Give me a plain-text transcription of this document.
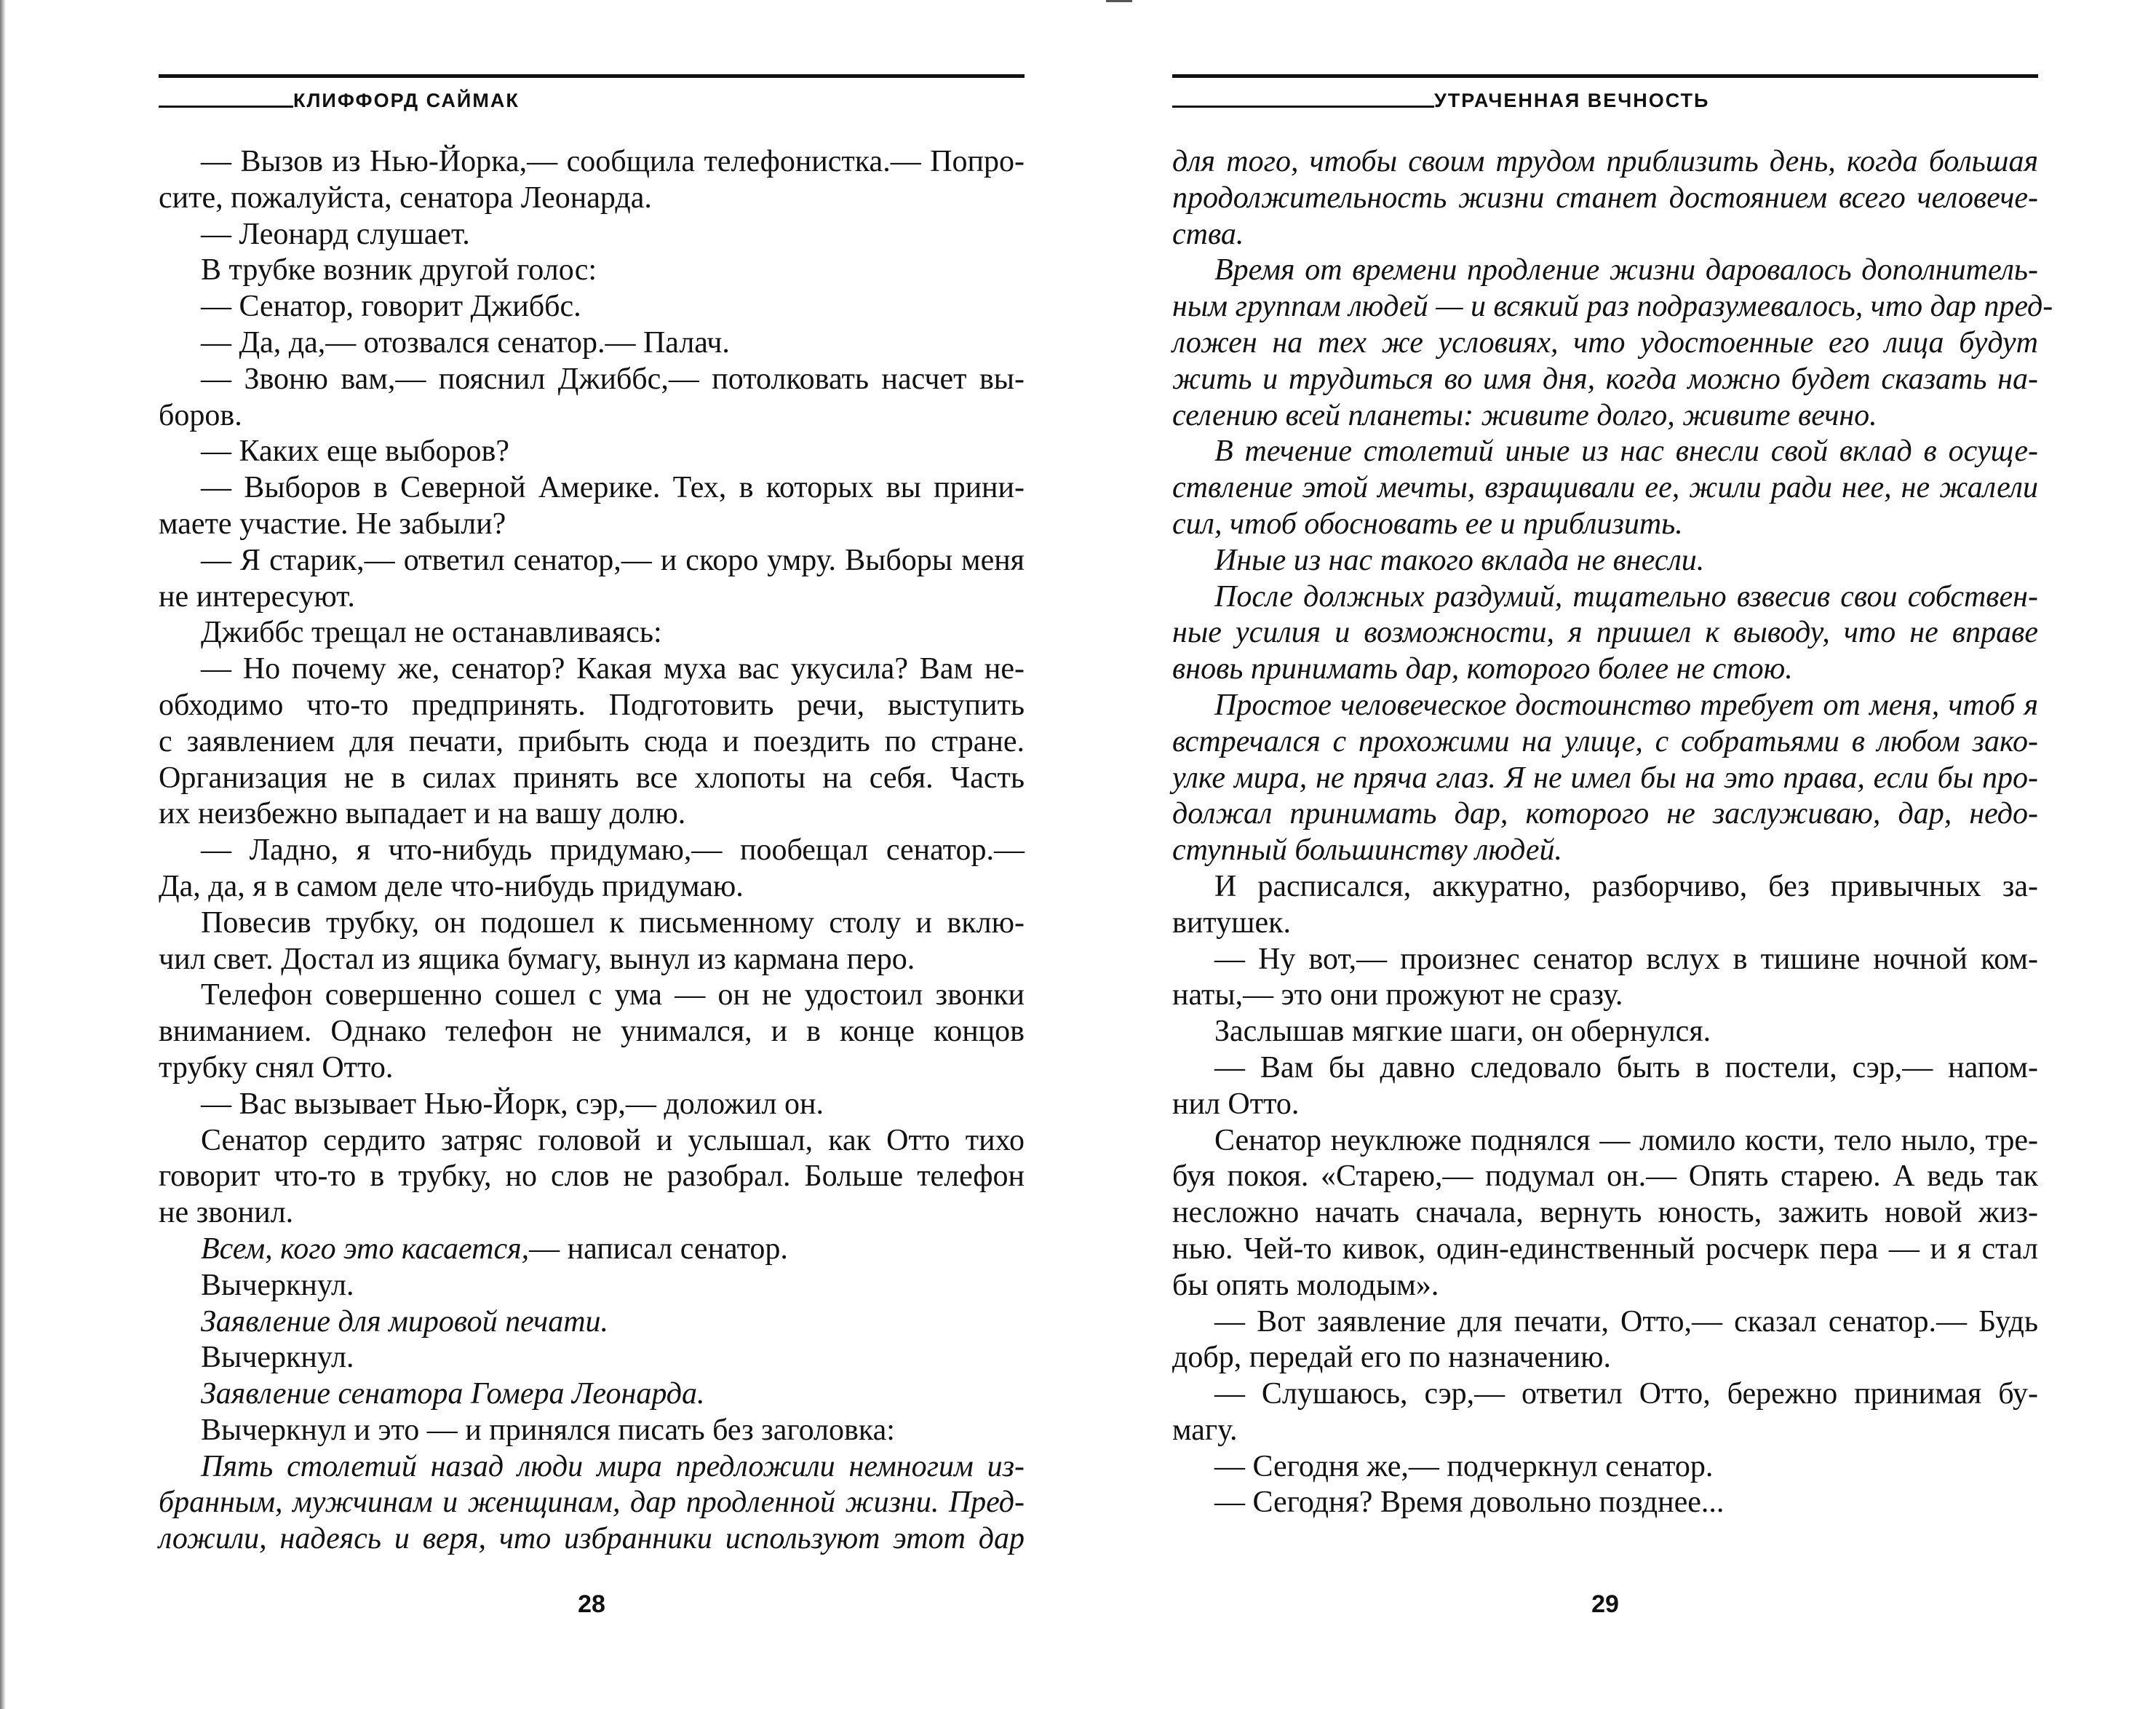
КЛИФФОРД САЙМАК
— Вызов из Нью-Йорка,— сообщила телефонистка.— Попро-
сите, пожалуйста, сенатора Леонарда.
— Леонард слушает.
В трубке возник другой голос:
— Сенатор, говорит Джиббс.
— Да, да,— отозвался сенатор.— Палач.
— Звоню вам,— пояснил Джиббс,— потолковать насчет вы-
боров.
— Каких еще выборов?
— Выборов в Северной Америке. Тех, в которых вы прини-
маете участие. Не забыли?
— Я старик,— ответил сенатор,— и скоро умру. Выборы меня
не интересуют.
Джиббс трещал не останавливаясь:
— Но почему же, сенатор? Какая муха вас укусила? Вам не-
обходимо что-то предпринять. Подготовить речи, выступить
с заявлением для печати, прибыть сюда и поездить по стране.
Организация не в силах принять все хлопоты на себя. Часть
их неизбежно выпадает и на вашу долю.
— Ладно, я что-нибудь придумаю,— пообещал сенатор.—
Да, да, я в самом деле что-нибудь придумаю.
Повесив трубку, он подошел к письменному столу и вклю-
чил свет. Достал из ящика бумагу, вынул из кармана перо.
Телефон совершенно сошел с ума — он не удостоил звонки
вниманием. Однако телефон не унимался, и в конце концов
трубку снял Отто.
— Вас вызывает Нью-Йорк, сэр,— доложил он.
Сенатор сердито затряс головой и услышал, как Отто тихо
говорит что-то в трубку, но слов не разобрал. Больше телефон
не звонил.
Всем, кого это касается,— написал сенатор.
Вычеркнул.
Заявление для мировой печати.
Вычеркнул.
Заявление сенатора Гомера Леонарда.
Вычеркнул и это — и принялся писать без заголовка:
Пять столетий назад люди мира предложили немногим из-
бранным, мужчинам и женщинам, дар продленной жизни. Пред-
ложили, надеясь и веря, что избранники используют этот дар
28
УТРАЧЕННАЯ ВЕЧНОСТЬ
для того, чтобы своим трудом приблизить день, когда большая
продолжительность жизни станет достоянием всего человече-
ства.
Время от времени продление жизни даровалось дополнитель-
ным группам людей — и всякий раз подразумевалось, что дар пред-
ложен на тех же условиях, что удостоенные его лица будут
жить и трудиться во имя дня, когда можно будет сказать на-
селению всей планеты: живите долго, живите вечно.
В течение столетий иные из нас внесли свой вклад в осуще-
ствление этой мечты, взращивали ее, жили ради нее, не жалели
сил, чтоб обосновать ее и приблизить.
Иные из нас такого вклада не внесли.
После должных раздумий, тщательно взвесив свои собствен-
ные усилия и возможности, я пришел к выводу, что не вправе
вновь принимать дар, которого более не стою.
Простое человеческое достоинство требует от меня, чтоб я
встречался с прохожими на улице, с собратьями в любом зако-
улке мира, не пряча глаз. Я не имел бы на это права, если бы про-
должал принимать дар, которого не заслуживаю, дар, недо-
ступный большинству людей.
И расписался, аккуратно, разборчиво, без привычных за-
витушек.
— Ну вот,— произнес сенатор вслух в тишине ночной ком-
наты,— это они прожуют не сразу.
Заслышав мягкие шаги, он обернулся.
— Вам бы давно следовало быть в постели, сэр,— напом-
нил Отто.
Сенатор неуклюже поднялся — ломило кости, тело ныло, тре-
буя покоя. «Старею,— подумал он.— Опять старею. А ведь так
несложно начать сначала, вернуть юность, зажить новой жиз-
нью. Чей-то кивок, один-единственный росчерк пера — и я стал
бы опять молодым».
— Вот заявление для печати, Отто,— сказал сенатор.— Будь
добр, передай его по назначению.
— Слушаюсь, сэр,— ответил Отто, бережно принимая бу-
магу.
— Сегодня же,— подчеркнул сенатор.
— Сегодня? Время довольно позднее...
29
